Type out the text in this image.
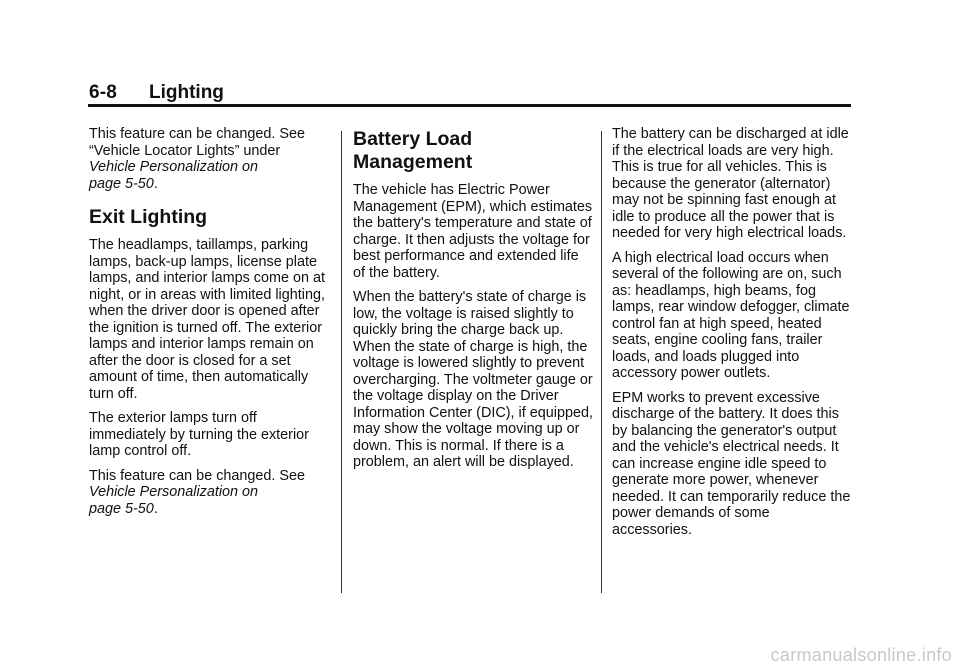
6-8 Lighting

This feature can be changed. See “Vehicle Locator Lights” under
Vehicle Personalization on
page 5-50.

Exit Lighting

The headlamps, taillamps, parking lamps, back-up lamps, license plate lamps, and interior lamps come on at night, or in areas with limited lighting, when the driver door is opened after the ignition is turned off. The exterior lamps and interior lamps remain on after the door is closed for a set amount of time, then automatically turn off.

The exterior lamps turn off immediately by turning the exterior lamp control off.

This feature can be changed. See
Vehicle Personalization on
page 5-50.

Battery Load
Management

The vehicle has Electric Power Management (EPM), which estimates the battery's temperature and state of charge. It then adjusts the voltage for best performance and extended life of the battery.

When the battery's state of charge is low, the voltage is raised slightly to quickly bring the charge back up. When the state of charge is high, the voltage is lowered slightly to prevent overcharging. The voltmeter gauge or the voltage display on the Driver Information Center (DIC), if equipped, may show the voltage moving up or down. This is normal. If there is a problem, an alert will be displayed.

The battery can be discharged at idle if the electrical loads are very high. This is true for all vehicles. This is because the generator (alternator) may not be spinning fast enough at idle to produce all the power that is needed for very high electrical loads.

A high electrical load occurs when several of the following are on, such as: headlamps, high beams, fog lamps, rear window defogger, climate control fan at high speed, heated seats, engine cooling fans, trailer loads, and loads plugged into accessory power outlets.

EPM works to prevent excessive discharge of the battery. It does this by balancing the generator's output and the vehicle's electrical needs. It can increase engine idle speed to generate more power, whenever needed. It can temporarily reduce the power demands of some accessories.

carmanualsonline.info
